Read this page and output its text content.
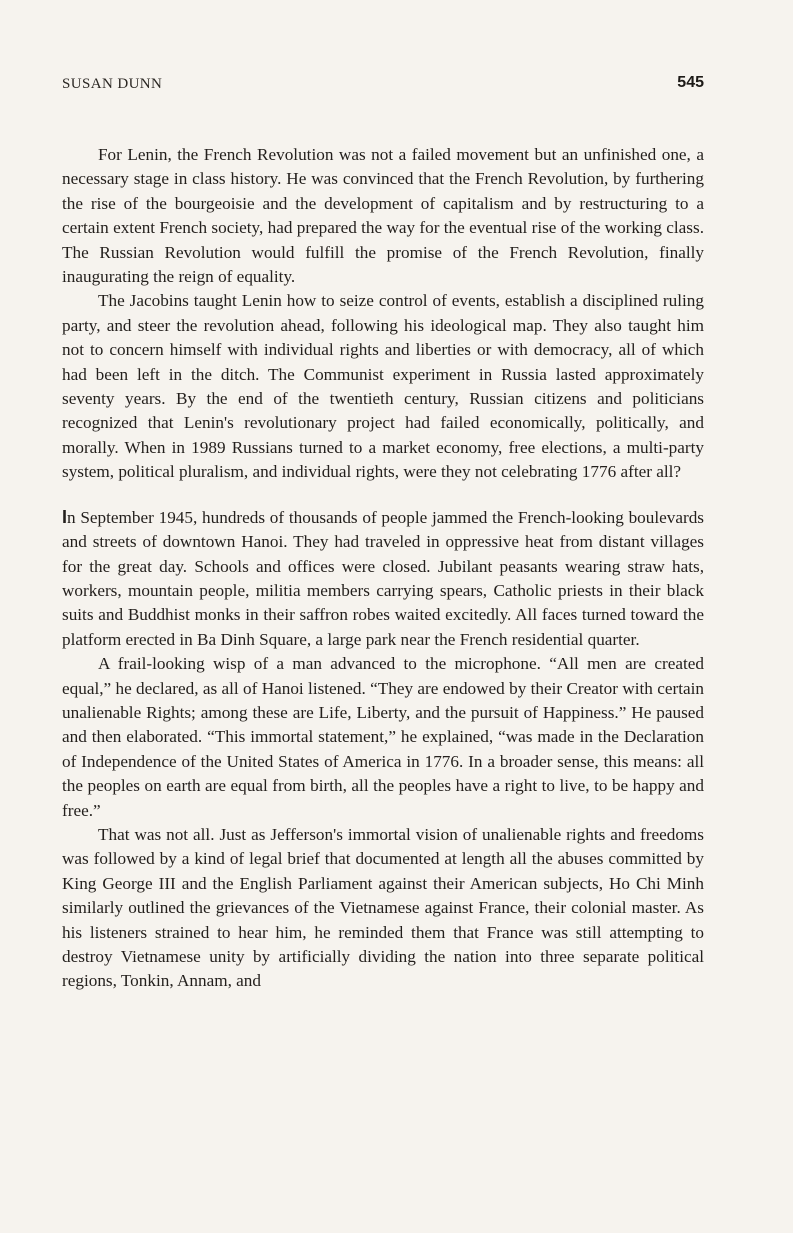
SUSAN DUNN	545

For Lenin, the French Revolution was not a failed movement but an unfinished one, a necessary stage in class history. He was convinced that the French Revolution, by furthering the rise of the bourgeoisie and the development of capitalism and by restructuring to a certain extent French society, had prepared the way for the eventual rise of the working class. The Russian Revolution would fulfill the promise of the French Revolution, finally inaugurating the reign of equality.

The Jacobins taught Lenin how to seize control of events, establish a disciplined ruling party, and steer the revolution ahead, following his ideological map. They also taught him not to concern himself with individual rights and liberties or with democracy, all of which had been left in the ditch. The Communist experiment in Russia lasted approximately seventy years. By the end of the twentieth century, Russian citizens and politicians recognized that Lenin's revolutionary project had failed economically, politically, and morally. When in 1989 Russians turned to a market economy, free elections, a multi-party system, political pluralism, and individual rights, were they not celebrating 1776 after all?

In September 1945, hundreds of thousands of people jammed the French-looking boulevards and streets of downtown Hanoi. They had traveled in oppressive heat from distant villages for the great day. Schools and offices were closed. Jubilant peasants wearing straw hats, workers, mountain people, militia members carrying spears, Catholic priests in their black suits and Buddhist monks in their saffron robes waited excitedly. All faces turned toward the platform erected in Ba Dinh Square, a large park near the French residential quarter.

A frail-looking wisp of a man advanced to the microphone. “All men are created equal,” he declared, as all of Hanoi listened. “They are endowed by their Creator with certain unalienable Rights; among these are Life, Liberty, and the pursuit of Happiness.” He paused and then elaborated. “This immortal statement,” he explained, “was made in the Declaration of Independence of the United States of America in 1776. In a broader sense, this means: all the peoples on earth are equal from birth, all the peoples have a right to live, to be happy and free.”

That was not all. Just as Jefferson's immortal vision of unalienable rights and freedoms was followed by a kind of legal brief that documented at length all the abuses committed by King George III and the English Parliament against their American subjects, Ho Chi Minh similarly outlined the grievances of the Vietnamese against France, their colonial master. As his listeners strained to hear him, he reminded them that France was still attempting to destroy Vietnamese unity by artificially dividing the nation into three separate political regions, Tonkin, Annam, and
